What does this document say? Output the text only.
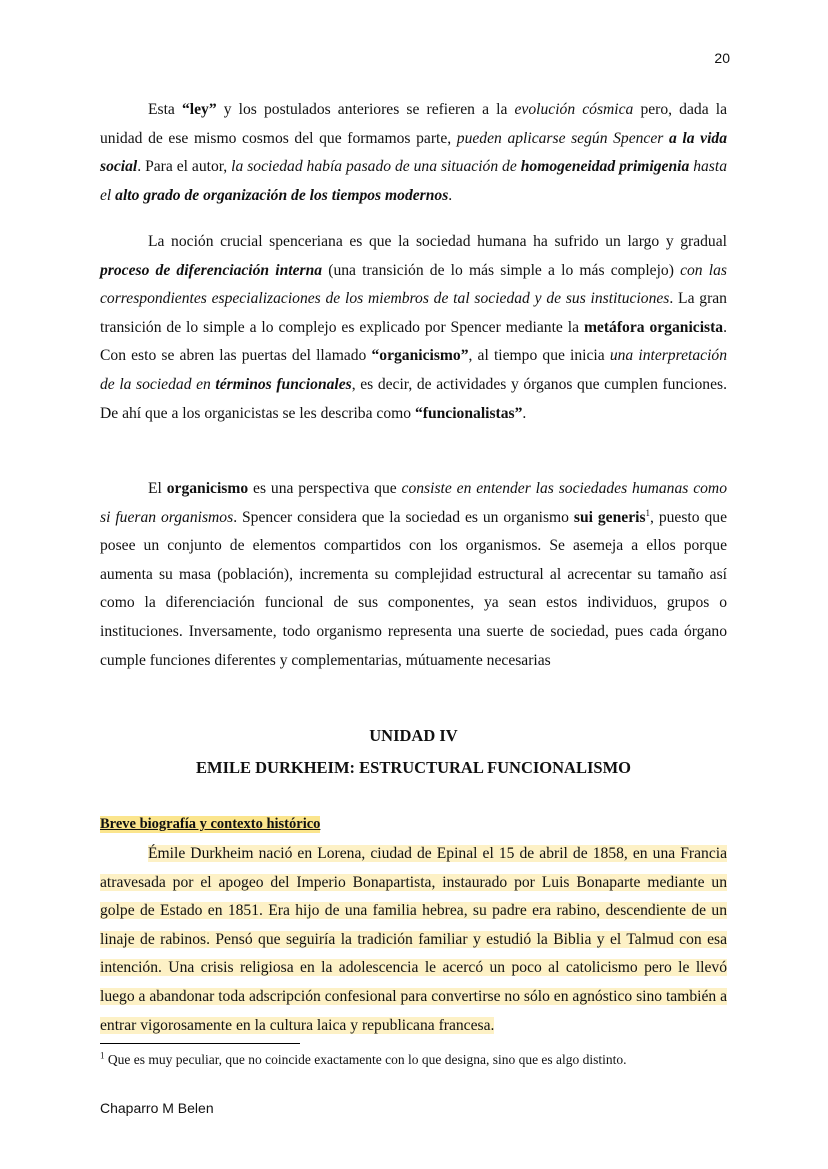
20

Esta “ley” y los postulados anteriores se refieren a la evolución cósmica pero, dada la unidad de ese mismo cosmos del que formamos parte, pueden aplicarse según Spencer a la vida social. Para el autor, la sociedad había pasado de una situación de homogeneidad primigenia hasta el alto grado de organización de los tiempos modernos.

La noción crucial spenceriana es que la sociedad humana ha sufrido un largo y gradual proceso de diferenciación interna (una transición de lo más simple a lo más complejo) con las correspondientes especializaciones de los miembros de tal sociedad y de sus instituciones. La gran transición de lo simple a lo complejo es explicado por Spencer mediante la metáfora organicista. Con esto se abren las puertas del llamado “organicismo”, al tiempo que inicia una interpretación de la sociedad en términos funcionales, es decir, de actividades y órganos que cumplen funciones. De ahí que a los organicistas se les describa como “funcionalistas”.

El organicismo es una perspectiva que consiste en entender las sociedades humanas como si fueran organismos. Spencer considera que la sociedad es un organismo sui generis$^1$, puesto que posee un conjunto de elementos compartidos con los organismos. Se asemeja a ellos porque aumenta su masa (población), incrementa su complejidad estructural al acrecentar su tamaño así como la diferenciación funcional de sus componentes, ya sean estos individuos, grupos o instituciones. Inversamente, todo organismo representa una suerte de sociedad, pues cada órgano cumple funciones diferentes y complementarias, mútuamente necesarias

UNIDAD IV
EMILE DURKHEIM: ESTRUCTURAL FUNCIONALISMO
Breve biografía y contexto histórico

Émile Durkheim nació en Lorena, ciudad de Epinal el 15 de abril de 1858, en una Francia atravesada por el apogeo del Imperio Bonapartista, instaurado por Luis Bonaparte mediante un golpe de Estado en 1851. Era hijo de una familia hebrea, su padre era rabino, descendiente de un linaje de rabinos. Pensó que seguiría la tradición familiar y estudió la Biblia y el Talmud con esa intención. Una crisis religiosa en la adolescencia le acercó un poco al catolicismo pero le llevó luego a abandonar toda adscripción confesional para convertirse no sólo en agnóstico sino también a entrar vigorosamente en la cultura laica y republicana francesa.

$^1$ Que es muy peculiar, que no coincide exactamente con lo que designa, sino que es algo distinto.
Chaparro M Belen
